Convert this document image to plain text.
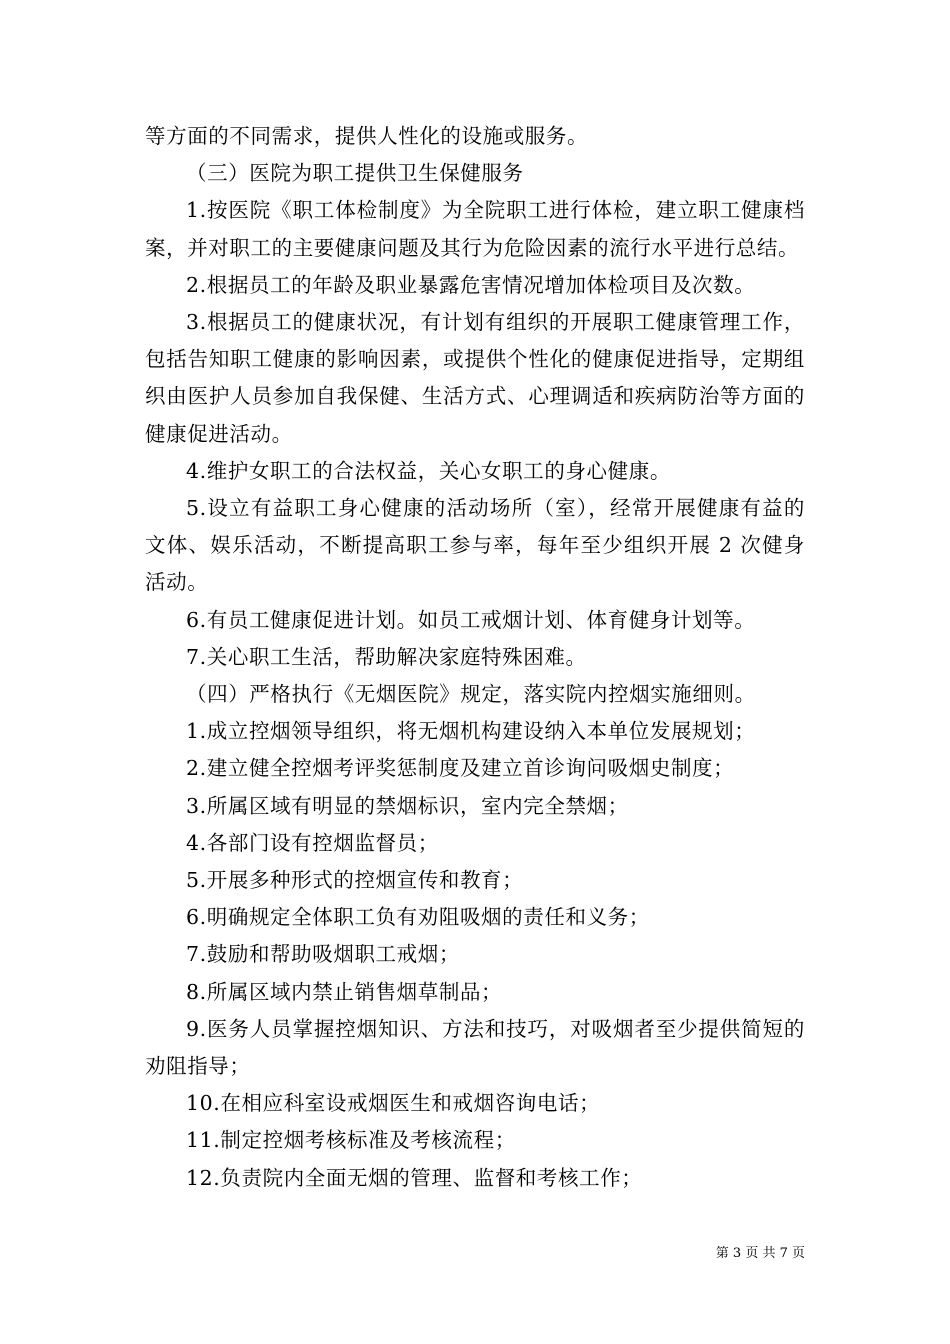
等方面的不同需求，提供人性化的设施或服务。

（三）医院为职工提供卫生保健服务

1.按医院《职工体检制度》为全院职工进行体检，建立职工健康档案，并对职工的主要健康问题及其行为危险因素的流行水平进行总结。

2.根据员工的年龄及职业暴露危害情况增加体检项目及次数。

3.根据员工的健康状况，有计划有组织的开展职工健康管理工作，包括告知职工健康的影响因素，或提供个性化的健康促进指导，定期组织由医护人员参加自我保健、生活方式、心理调适和疾病防治等方面的健康促进活动。

4.维护女职工的合法权益，关心女职工的身心健康。

5.设立有益职工身心健康的活动场所（室），经常开展健康有益的文体、娱乐活动，不断提高职工参与率，每年至少组织开展 2 次健身活动。

6.有员工健康促进计划。如员工戒烟计划、体育健身计划等。

7.关心职工生活，帮助解决家庭特殊困难。

（四）严格执行《无烟医院》规定，落实院内控烟实施细则。

1.成立控烟领导组织，将无烟机构建设纳入本单位发展规划；

2.建立健全控烟考评奖惩制度及建立首诊询问吸烟史制度；

3.所属区域有明显的禁烟标识，室内完全禁烟；

4.各部门设有控烟监督员；

5.开展多种形式的控烟宣传和教育；

6.明确规定全体职工负有劝阻吸烟的责任和义务；

7.鼓励和帮助吸烟职工戒烟；

8.所属区域内禁止销售烟草制品；

9.医务人员掌握控烟知识、方法和技巧，对吸烟者至少提供简短的劝阻指导；

10.在相应科室设戒烟医生和戒烟咨询电话；

11.制定控烟考核标准及考核流程；

12.负责院内全面无烟的管理、监督和考核工作；

第 3 页 共 7 页
